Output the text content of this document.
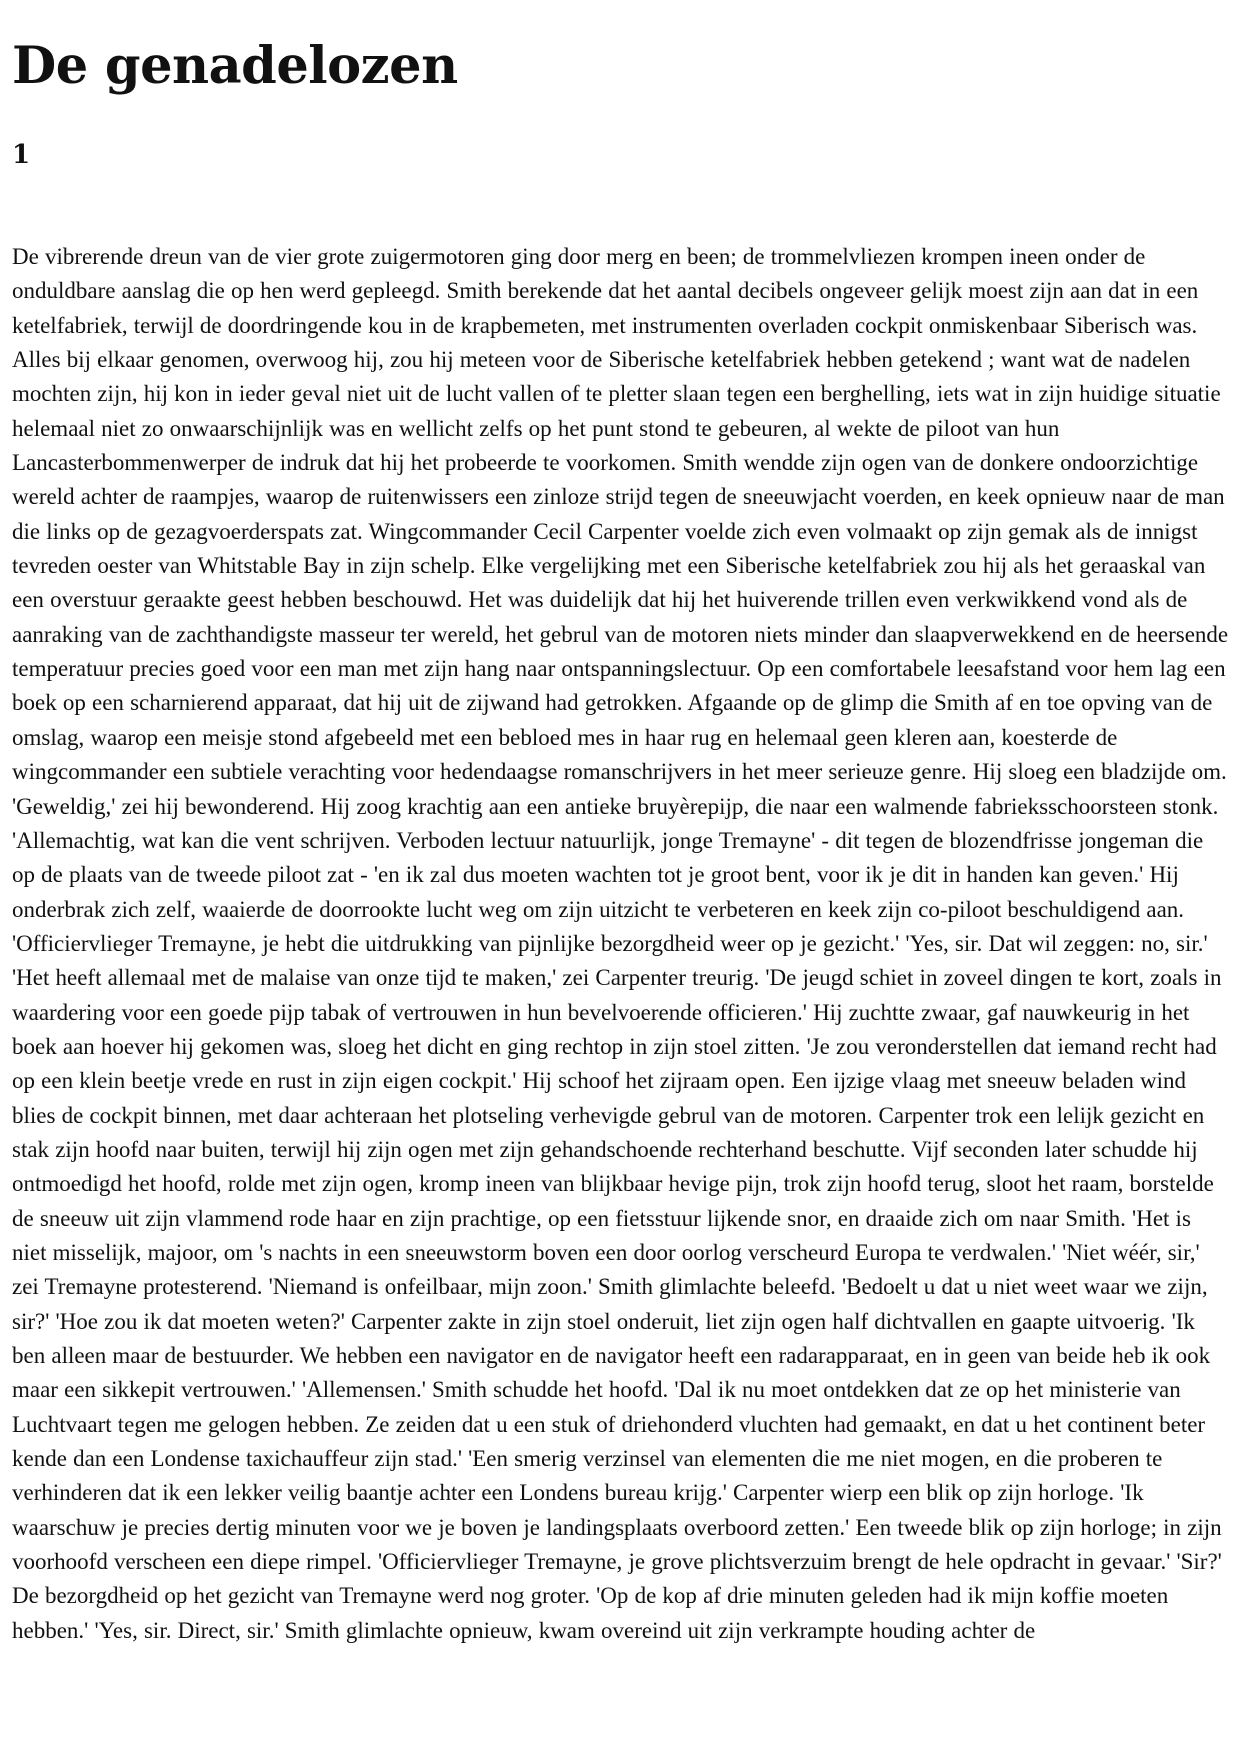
De genadelozen
1

De vibrerende dreun van de vier grote zuigermotoren ging door merg en been; de trommelvliezen krompen ineen onder de onduldbare aanslag die op hen werd gepleegd. Smith berekende dat het aantal decibels ongeveer gelijk moest zijn aan dat in een ketelfabriek, terwijl de doordringende kou in de krapbemeten, met instrumenten overladen cockpit onmiskenbaar Siberisch was. Alles bij elkaar genomen, overwoog hij, zou hij meteen voor de Siberische ketelfabriek hebben getekend ; want wat de nadelen mochten zijn, hij kon in ieder geval niet uit de lucht vallen of te pletter slaan tegen een berghelling, iets wat in zijn huidige situatie helemaal niet zo onwaarschijnlijk was en wellicht zelfs op het punt stond te gebeuren, al wekte de piloot van hun Lancasterbommenwerper de indruk dat hij het probeerde te voorkomen. Smith wendde zijn ogen van de donkere ondoorzichtige wereld achter de raampjes, waarop de ruitenwissers een zinloze strijd tegen de sneeuwjacht voerden, en keek opnieuw naar de man die links op de gezagvoerderspats zat. Wingcommander Cecil Carpenter voelde zich even volmaakt op zijn gemak als de innigst tevreden oester van Whitstable Bay in zijn schelp. Elke vergelijking met een Siberische ketelfabriek zou hij als het geraaskal van een overstuur geraakte geest hebben beschouwd. Het was duidelijk dat hij het huiverende trillen even verkwikkend vond als de aanraking van de zachthandigste masseur ter wereld, het gebrul van de motoren niets minder dan slaapverwekkend en de heersende temperatuur precies goed voor een man met zijn hang naar ontspanningslectuur. Op een comfortabele leesafstand voor hem lag een boek op een scharnierend apparaat, dat hij uit de zijwand had getrokken. Afgaande op de glimp die Smith af en toe opving van de omslag, waarop een meisje stond afgebeeld met een bebloed mes in haar rug en helemaal geen kleren aan, koesterde de wingcommander een subtiele verachting voor hedendaagse romanschrijvers in het meer serieuze genre. Hij sloeg een bladzijde om. 'Geweldig,' zei hij bewonderend. Hij zoog krachtig aan een antieke bruyèrepijp, die naar een walmende fabrieksschoorsteen stonk. 'Allemachtig, wat kan die vent schrijven. Verboden lectuur natuurlijk, jonge Tremayne' - dit tegen de blozendfrisse jongeman die op de plaats van de tweede piloot zat - 'en ik zal dus moeten wachten tot je groot bent, voor ik je dit in handen kan geven.' Hij onderbrak zich zelf, waaierde de doorrookte lucht weg om zijn uitzicht te verbeteren en keek zijn co-piloot beschuldigend aan. 'Officiervlieger Tremayne, je hebt die uitdrukking van pijnlijke bezorgdheid weer op je gezicht.' 'Yes, sir. Dat wil zeggen: no, sir.' 'Het heeft allemaal met de malaise van onze tijd te maken,' zei Carpenter treurig. 'De jeugd schiet in zoveel dingen te kort, zoals in waardering voor een goede pijp tabak of vertrouwen in hun bevelvoerende officieren.' Hij zuchtte zwaar, gaf nauwkeurig in het boek aan hoever hij gekomen was, sloeg het dicht en ging rechtop in zijn stoel zitten. 'Je zou veronderstellen dat iemand recht had op een klein beetje vrede en rust in zijn eigen cockpit.' Hij schoof het zijraam open. Een ijzige vlaag met sneeuw beladen wind blies de cockpit binnen, met daar achteraan het plotseling verhevigde gebrul van de motoren. Carpenter trok een lelijk gezicht en stak zijn hoofd naar buiten, terwijl hij zijn ogen met zijn gehandschoende rechterhand beschutte. Vijf seconden later schudde hij ontmoedigd het hoofd, rolde met zijn ogen, kromp ineen van blijkbaar hevige pijn, trok zijn hoofd terug, sloot het raam, borstelde de sneeuw uit zijn vlammend rode haar en zijn prachtige, op een fietsstuur lijkende snor, en draaide zich om naar Smith. 'Het is niet misselijk, majoor, om 's nachts in een sneeuwstorm boven een door oorlog verscheurd Europa te verdwalen.' 'Niet wéér, sir,' zei Tremayne protesterend. 'Niemand is onfeilbaar, mijn zoon.' Smith glimlachte beleefd. 'Bedoelt u dat u niet weet waar we zijn, sir?' 'Hoe zou ik dat moeten weten?' Carpenter zakte in zijn stoel onderuit, liet zijn ogen half dichtvallen en gaapte uitvoerig. 'Ik ben alleen maar de bestuurder. We hebben een navigator en de navigator heeft een radarapparaat, en in geen van beide heb ik ook maar een sikkepit vertrouwen.' 'Allemensen.' Smith schudde het hoofd. 'Dal ik nu moet ontdekken dat ze op het ministerie van Luchtvaart tegen me gelogen hebben. Ze zeiden dat u een stuk of driehonderd vluchten had gemaakt, en dat u het continent beter kende dan een Londense taxichauffeur zijn stad.' 'Een smerig verzinsel van elementen die me niet mogen, en die proberen te verhinderen dat ik een lekker veilig baantje achter een Londens bureau krijg.' Carpenter wierp een blik op zijn horloge. 'Ik waarschuw je precies dertig minuten voor we je boven je landingsplaats overboord zetten.' Een tweede blik op zijn horloge; in zijn voorhoofd verscheen een diepe rimpel. 'Officiervlieger Tremayne, je grove plichtsverzuim brengt de hele opdracht in gevaar.' 'Sir?' De bezorgdheid op het gezicht van Tremayne werd nog groter. 'Op de kop af drie minuten geleden had ik mijn koffie moeten hebben.' 'Yes, sir. Direct, sir.' Smith glimlachte opnieuw, kwam overeind uit zijn verkrampte houding achter de
